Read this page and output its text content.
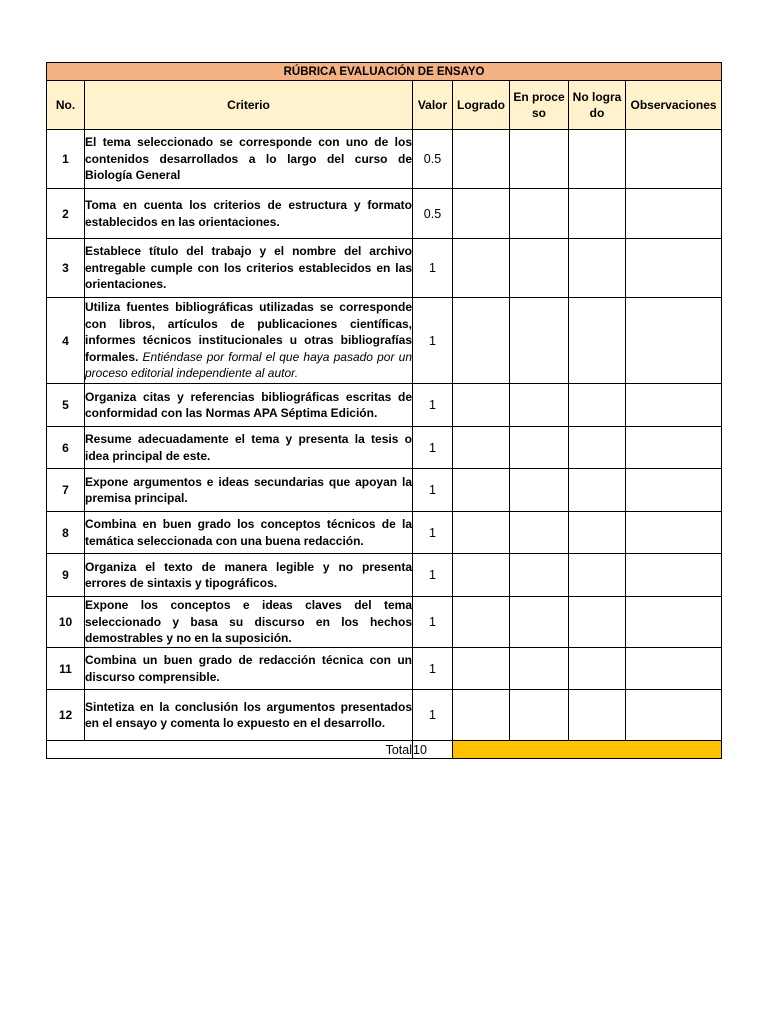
RÚBRICA EVALUACIÓN DE ENSAYO						
No.	Criterio	Valor	Logrado	En proceso	No logrado	Observaciones
1	El tema seleccionado se corresponde con uno de los contenidos desarrollados a lo largo del curso de Biología General	0.5				
2	Toma en cuenta los criterios de estructura y formato establecidos en las orientaciones.	0.5				
3	Establece título del trabajo y el nombre del archivo entregable cumple con los criterios establecidos en las orientaciones.	1				
4	Utiliza fuentes bibliográficas utilizadas se corresponde con libros, artículos de publicaciones científicas, informes técnicos institucionales u otras bibliografías formales. Entiéndase por formal el que haya pasado por un proceso editorial independiente al autor.	1				
5	Organiza citas y referencias bibliográficas escritas de conformidad con las Normas APA Séptima Edición.	1				
6	Resume adecuadamente el tema y presenta la tesis o idea principal de este.	1				
7	Expone argumentos e ideas secundarias que apoyan la premisa principal.	1				
8	Combina en buen grado los conceptos técnicos de la temática seleccionada con una buena redacción.	1				
9	Organiza el texto de manera legible y no presenta errores de sintaxis y tipográficos.	1				
10	Expone los conceptos e ideas claves del tema seleccionado y basa su discurso en los hechos demostrables y no en la suposición.	1				
11	Combina un buen grado de redacción técnica con un discurso comprensible.	1				
12	Sintetiza en la conclusión los argumentos presentados en el ensayo y comenta lo expuesto en el desarrollo.	1				
Total		10				
